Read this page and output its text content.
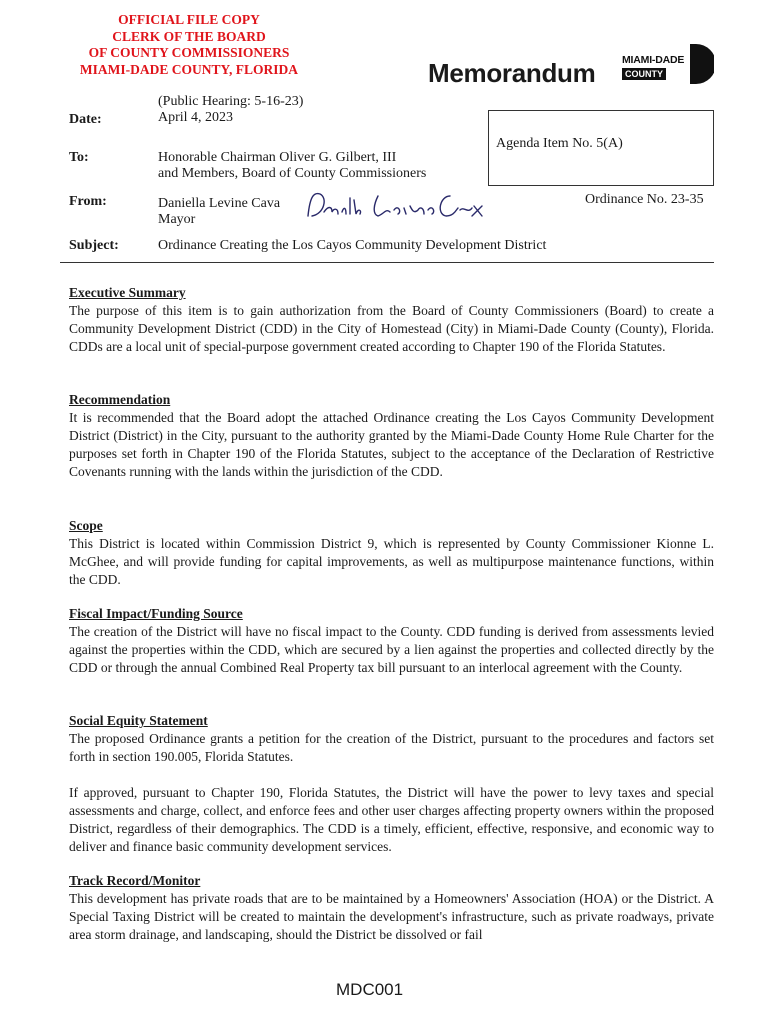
OFFICIAL FILE COPY
CLERK OF THE BOARD
OF COUNTY COMMISSIONERS
MIAMI-DADE COUNTY, FLORIDA	Memorandum	MIAMI-DADE
COUNTY
Date:
(Public Hearing: 5-16-23)
April 4, 2023
To:	Honorable Chairman Oliver G. Gilbert, III
and Members, Board of County Commissioners
From:	Daniella Levine Cava
Mayor
Agenda Item No. 5(A)
Ordinance No. 23-35
Subject:	Ordinance Creating the Los Cayos Community Development District
Executive Summary

The purpose of this item is to gain authorization from the Board of County Commissioners (Board) to create a Community Development District (CDD) in the City of Homestead (City) in Miami-Dade County (County), Florida. CDDs are a local unit of special-purpose government created according to Chapter 190 of the Florida Statutes.

Recommendation

It is recommended that the Board adopt the attached Ordinance creating the Los Cayos Community Development District (District) in the City, pursuant to the authority granted by the Miami-Dade County Home Rule Charter for the purposes set forth in Chapter 190 of the Florida Statutes, subject to the acceptance of the Declaration of Restrictive Covenants running with the lands within the jurisdiction of the CDD.

Scope

This District is located within Commission District 9, which is represented by County Commissioner Kionne L. McGhee, and will provide funding for capital improvements, as well as multipurpose maintenance functions, within the CDD.

Fiscal Impact/Funding Source

The creation of the District will have no fiscal impact to the County. CDD funding is derived from assessments levied against the properties within the CDD, which are secured by a lien against the properties and collected directly by the CDD or through the annual Combined Real Property tax bill pursuant to an interlocal agreement with the County.

Social Equity Statement

The proposed Ordinance grants a petition for the creation of the District, pursuant to the procedures and factors set forth in section 190.005, Florida Statutes.

If approved, pursuant to Chapter 190, Florida Statutes, the District will have the power to levy taxes and special assessments and charge, collect, and enforce fees and other user charges affecting property owners within the proposed District, regardless of their demographics. The CDD is a timely, efficient, effective, responsive, and economic way to deliver and finance basic community development services.

Track Record/Monitor

This development has private roads that are to be maintained by a Homeowners' Association (HOA) or the District. A Special Taxing District will be created to maintain the development's infrastructure, such as private roadways, private area storm drainage, and landscaping, should the District be dissolved or fail

MDC001
